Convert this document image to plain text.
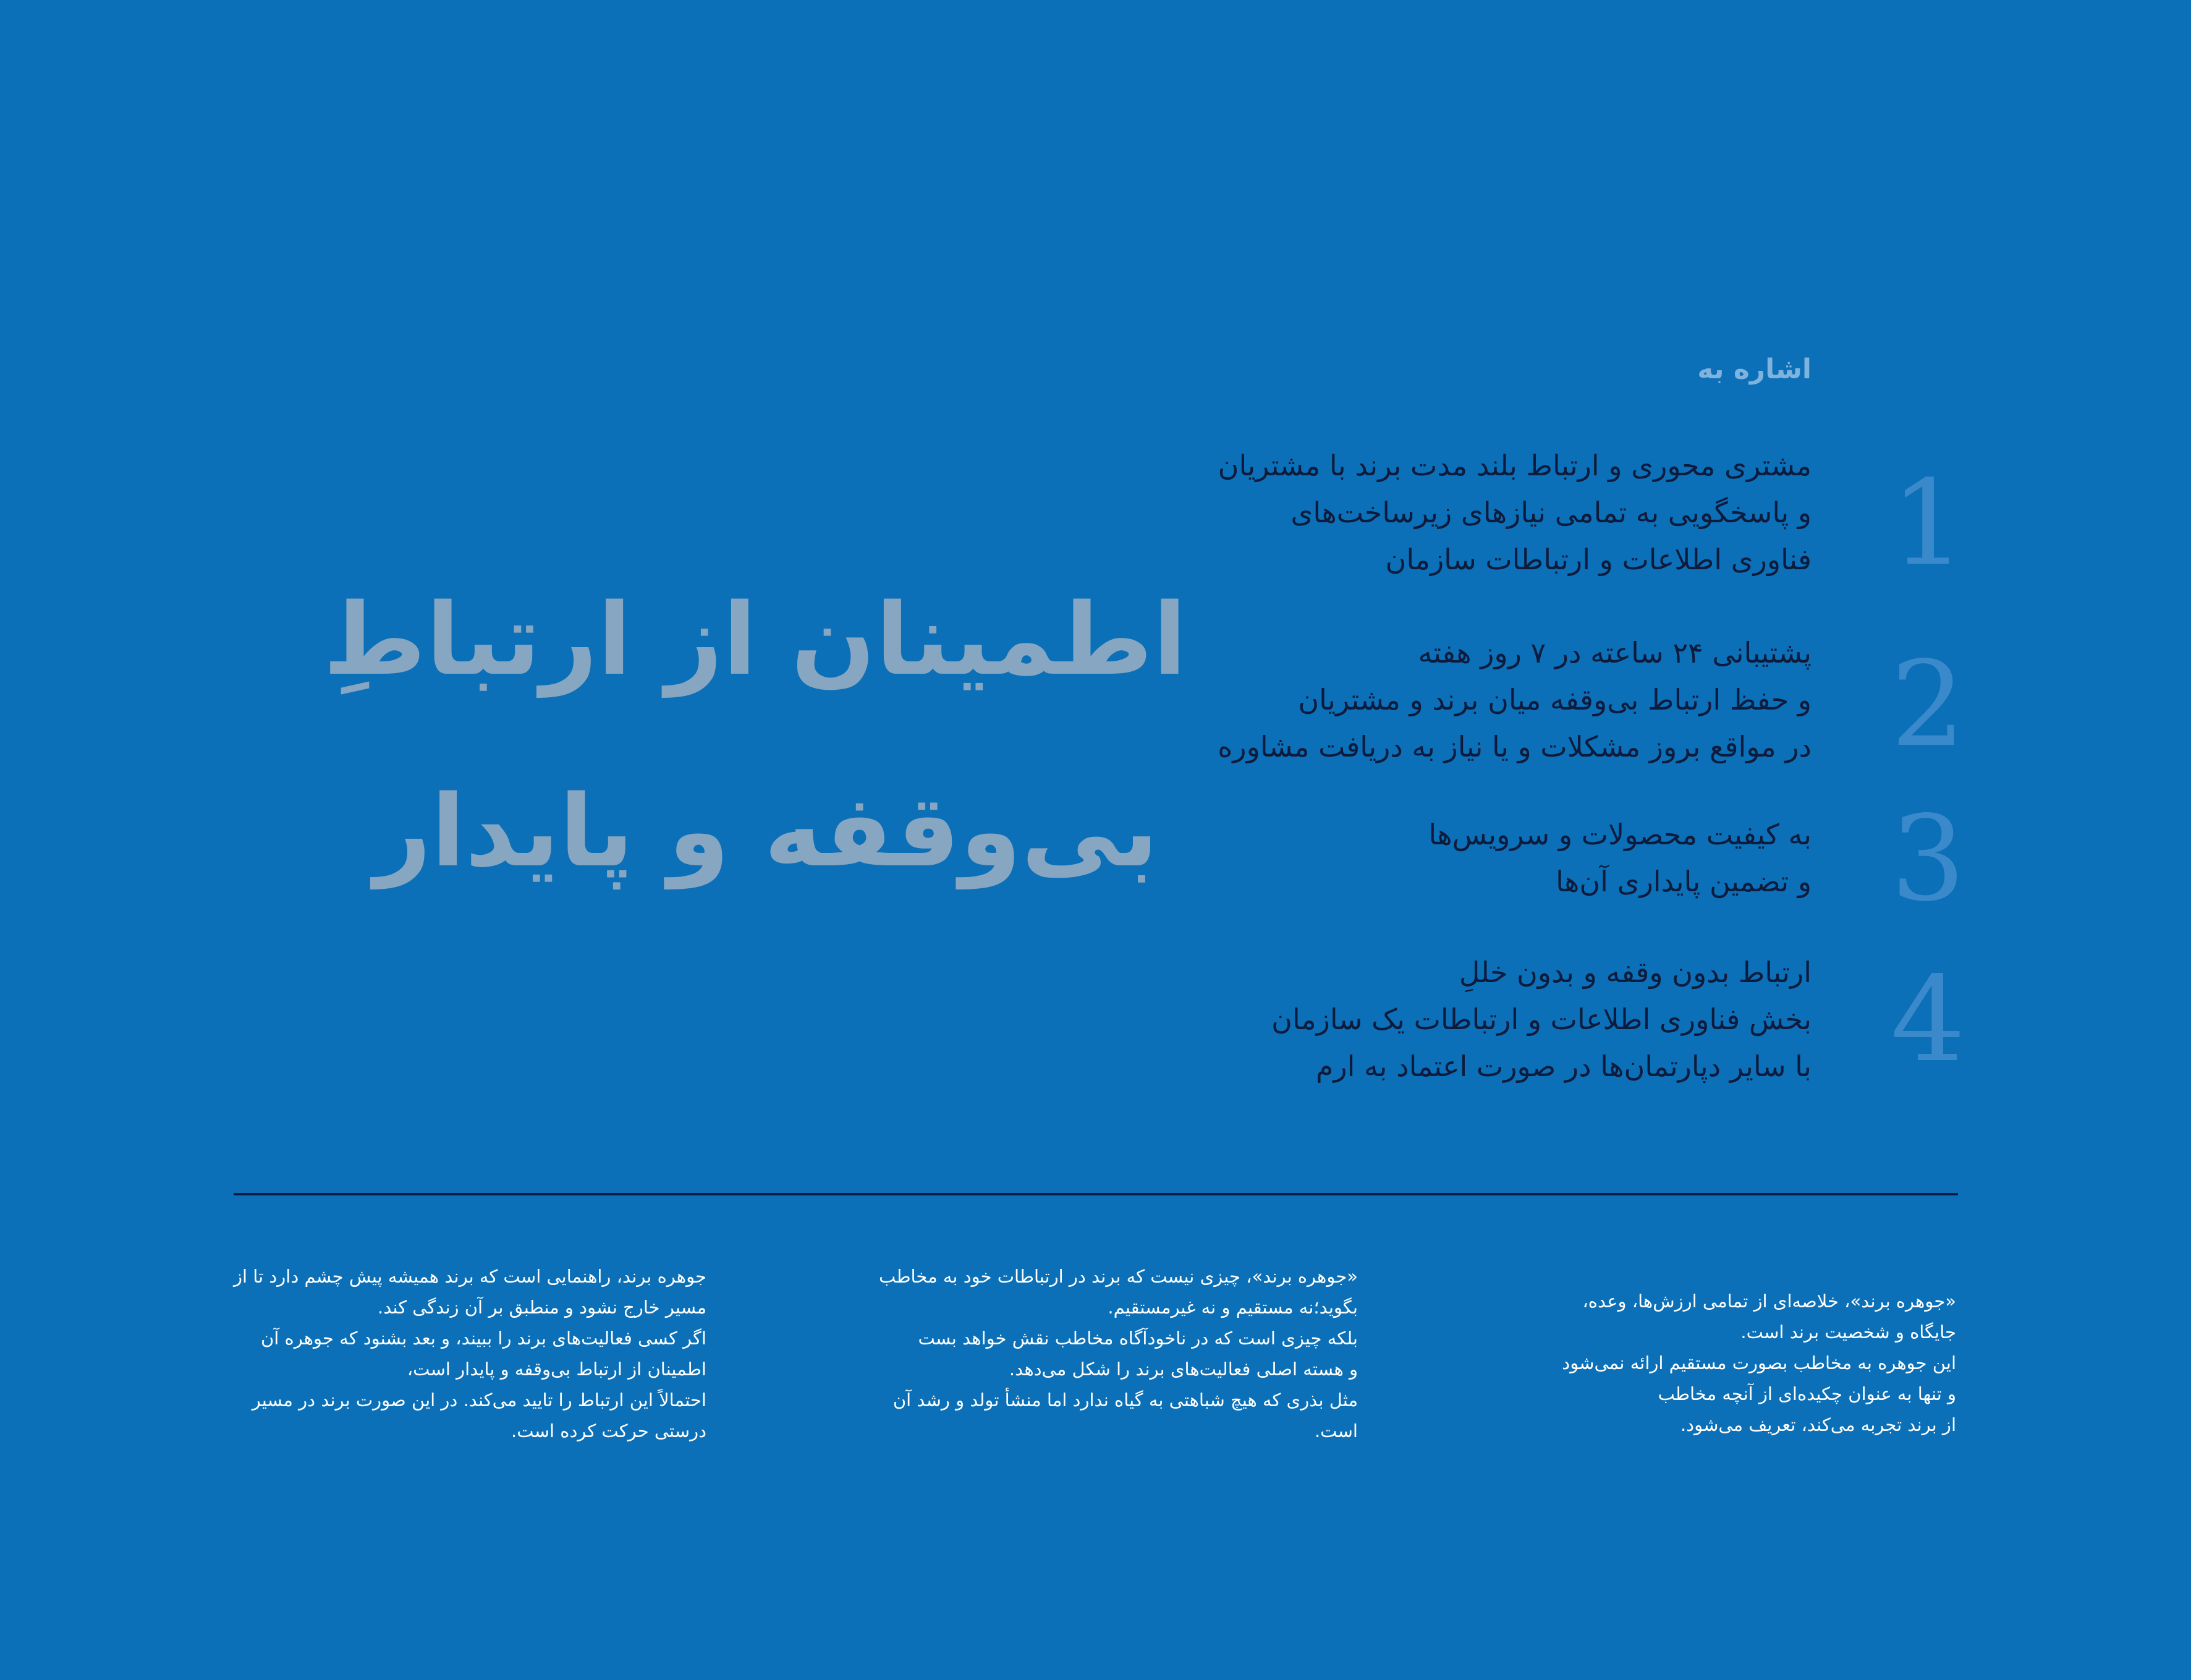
اشاره به
مشتری محوری و ارتباط بلند مدت برند با مشتریان
و پاسخگویی به تمامی نیازهای زیرساخت‌های
فناوری اطلاعات و ارتباطات سازمان
پشتیبانی ۲۴ ساعته در ۷ روز هفته
و حفظ ارتباط بی‌وقفه میان برند و مشتریان
در مواقع بروز مشکلات و یا نیاز به دریافت مشاوره
به کیفیت محصولات و سرویس‌ها
و تضمین پایداری آن‌ها
ارتباط بدون وقفه و بدون خللِ
بخش فناوری اطلاعات و ارتباطات یک سازمان
با سایر دپارتمان‌ها در صورت اعتماد به ارم
1
2
3
4
اطمینان از ارتباطِ
بی‌وقفه و پایدار
«جوهره برند»، خلاصه‌ای از تمامی ارزش‌ها، وعده،
جایگاه و شخصیت برند است.
این جوهره به مخاطب بصورت مستقیم ارائه نمی‌شود
و تنها به عنوان چکیده‌ای از آنچه مخاطب
از برند تجربه می‌کند، تعریف می‌شود.
«جوهره برند»، چیزی نیست که برند در ارتباطات خود به مخاطب
بگوید؛نه مستقیم و نه غیرمستقیم.
بلکه چیزی است که در ناخودآگاه مخاطب نقش خواهد بست
و هسته اصلی فعالیت‌های برند را شکل می‌دهد.
مثل بذری که هیچ شباهتی به گیاه ندارد اما منشأ تولد و رشد آن
است.
جوهره برند، راهنمایی است که برند همیشه پیش چشم دارد تا از
مسیر خارج نشود و منطبق بر آن زندگی کند.
اگر کسی فعالیت‌های برند را ببیند، و بعد بشنود که جوهره آن
اطمینان از ارتباط بی‌وقفه و پایدار است،
احتمالاً این ارتباط را تایید می‌کند. در این صورت برند در مسیر
درستی حرکت کرده است.
